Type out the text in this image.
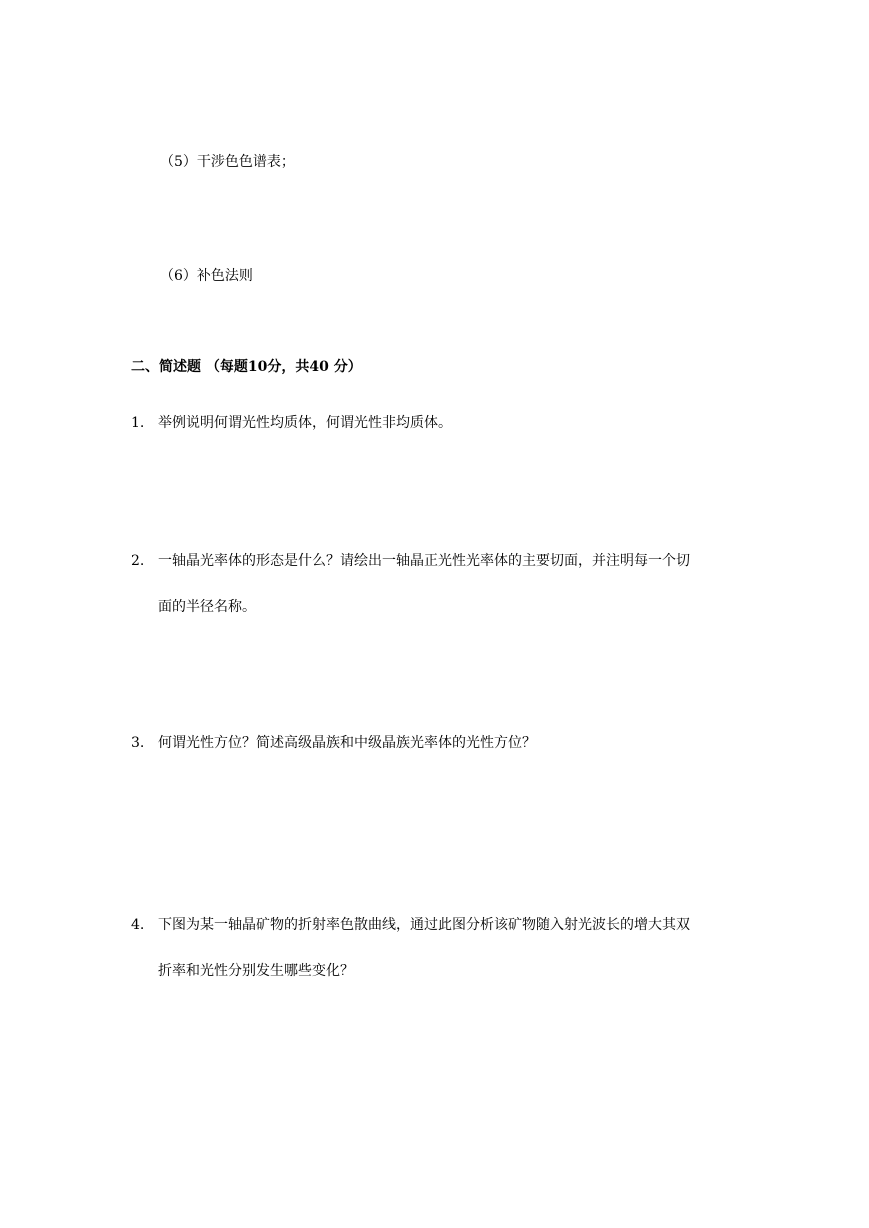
（5）干涉色色谱表；
（6）补色法则
二、简述题 （每题10分，共40 分）
1. 举例说明何谓光性均质体，何谓光性非均质体。
2. 一轴晶光率体的形态是什么？请绘出一轴晶正光性光率体的主要切面，并注明每一个切
面的半径名称。
3. 何谓光性方位？简述高级晶族和中级晶族光率体的光性方位？
4. 下图为某一轴晶矿物的折射率色散曲线，通过此图分析该矿物随入射光波长的增大其双
折率和光性分别发生哪些变化？
